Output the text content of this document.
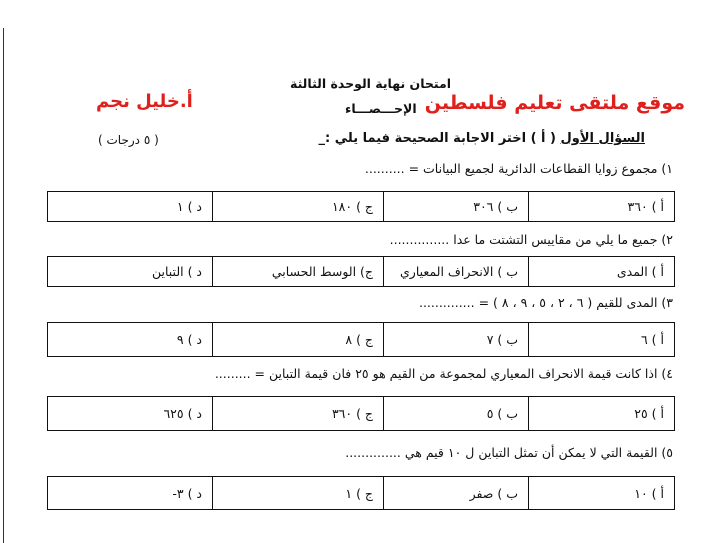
موقع ملتقى تعليم فلسطين
أ.خليل نجم
امتحان نهاية الوحدة الثالثة
الإحـــصـــاء
( ٥ درجات )	السؤال الأول ( أ ) اختر الاجابة الصحيحة فيما يلي :_
١) مجموع زوايا القطاعات الدائرية لجميع البيانات = ..........
أ ) ٣٦٠	ب ) ٣٠٦	ج ) ١٨٠	د ) ١
٢) جميع ما يلي من مقاييس التشتت ما عدا ...............
أ ) المدى	ب ) الانحراف المعياري	ج) الوسط الحسابي	د ) التباين
٣) المدى للقيم ( ٦ ، ٢ ، ٥ ، ٩ ، ٨ ) = ..............
أ ) ٦	ب ) ٧	ج ) ٨	د ) ٩
٤) اذا كانت قيمة الانحراف المعياري لمجموعة من القيم هو ٢٥ فان قيمة التباين = .........
أ ) ٢٥	ب ) ٥	ج ) ٣٦٠	د ) ٦٢٥
٥) القيمة التي لا يمكن أن تمثل التباين ل ١٠ قيم هي ..............
أ ) ١٠	ب ) صفر	ج ) ١	د ) ٣-
